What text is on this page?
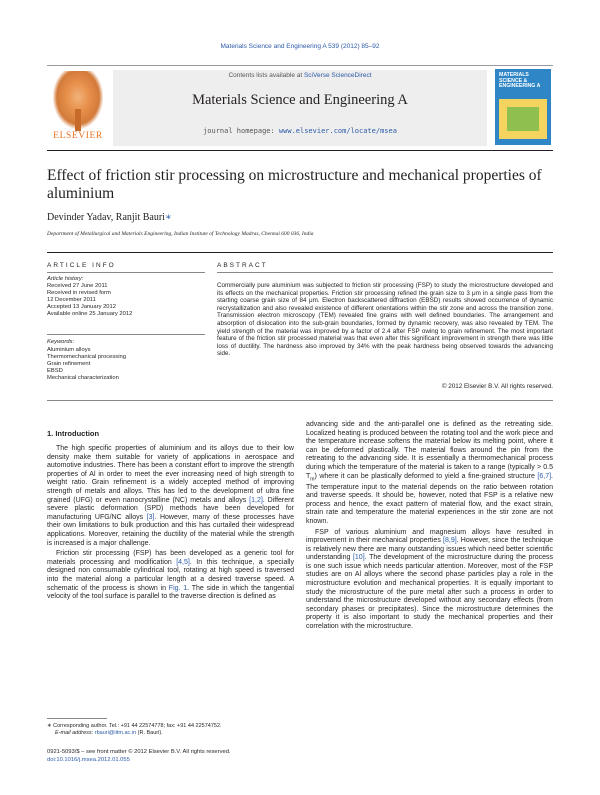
Materials Science and Engineering A 539 (2012) 85–92
ELSEVIER
Contents lists available at SciVerse ScienceDirect
Materials Science and Engineering A
journal homepage: www.elsevier.com/locate/msea
MATERIALS SCIENCE & ENGINEERING A
Effect of friction stir processing on microstructure and mechanical properties of aluminium
Devinder Yadav, Ranjit Bauri∗
Department of Metallurgical and Materials Engineering, Indian Institute of Technology Madras, Chennai 600 036, India
ARTICLE INFO
Article history:
Received 27 June 2011
Received in revised form
12 December 2011
Accepted 13 January 2012
Available online 25 January 2012
Keywords:
Aluminium alloys
Thermomechanical processing
Grain refinement
EBSD
Mechanical characterization
ABSTRACT
Commercially pure aluminium was subjected to friction stir processing (FSP) to study the microstructure developed and its effects on the mechanical properties. Friction stir processing refined the grain size to 3 μm in a single pass from the starting coarse grain size of 84 μm. Electron backscattered diffraction (EBSD) results showed occurrence of dynamic recrystallization and also revealed existence of different orientations within the stir zone and across the transition zone. Transmission electron microscopy (TEM) revealed fine grains with well defined boundaries. The arrangement and absorption of dislocation into the sub-grain boundaries, formed by dynamic recovery, was also revealed by TEM. The yield strength of the material was improved by a factor of 2.4 after FSP owing to grain refinement. The most important feature of the friction stir processed material was that even after this significant improvement in strength there was little loss of ductility. The hardness also improved by 34% with the peak hardness being observed towards the advancing side.
© 2012 Elsevier B.V. All rights reserved.
1. Introduction

The high specific properties of aluminium and its alloys due to their low density make them suitable for variety of applications in aerospace and automotive industries. There has been a constant effort to improve the strength properties of Al in order to meet the ever increasing need of high strength to weight ratio. Grain refinement is a widely accepted method of improving strength of metals and alloys. This has led to the development of ultra fine grained (UFG) or even nanocrystalline (NC) metals and alloys [1,2]. Different severe plastic deformation (SPD) methods have been developed for manufacturing UFG/NC alloys [3]. However, many of these processes have their own limitations to bulk production and this has curtailed their widespread applications. Moreover, retaining the ductility of the material while the strength is increased is a major challenge.

Friction stir processing (FSP) has been developed as a generic tool for materials processing and modification [4,5]. In this technique, a specially designed non consumable cylindrical tool, rotating at high speed is traversed into the material along a particular length at a desired traverse speed. A schematic of the process is shown in Fig. 1. The side in which the tangential velocity of the tool surface is parallel to the traverse direction is defined as

advancing side and the anti-parallel one is defined as the retreating side. Localized heating is produced between the rotating tool and the work piece and the temperature increase softens the material below its melting point, where it can be deformed plastically. The material flows around the pin from the retreating to the advancing side. It is essentially a thermomechanical process during which the temperature of the material is taken to a range (typically > 0.5 $T_m$) where it can be plastically deformed to yield a fine-grained structure [6,7]. The temperature input to the material depends on the ratio between rotation and traverse speeds. It should be, however, noted that FSP is a relative new process and hence, the exact pattern of material flow, and the exact strain, strain rate and temperature the material experiences in the stir zone are not known.

FSP of various aluminium and magnesium alloys have resulted in improvement in their mechanical properties [8,9]. However, since the technique is relatively new there are many outstanding issues which need better scientific understanding [10]. The development of the microstructure during the process is one such issue which needs particular attention. Moreover, most of the FSP studies are on Al alloys where the second phase particles play a role in the microstructure evolution and mechanical properties. It is equally important to study the microstructure of the pure metal after such a process in order to understand the microstructure developed without any secondary effects (from secondary phases or precipitates). Since the microstructure determines the property it is also important to study the mechanical properties and their correlation with the microstructure.

∗ Corresponding author. Tel.: +91 44 22574778; fax: +91 44 22574752.
E-mail address: rbauri@iitm.ac.in (R. Bauri).
0921-5093/$ – see front matter © 2012 Elsevier B.V. All rights reserved.
doi:10.1016/j.msea.2012.01.055
